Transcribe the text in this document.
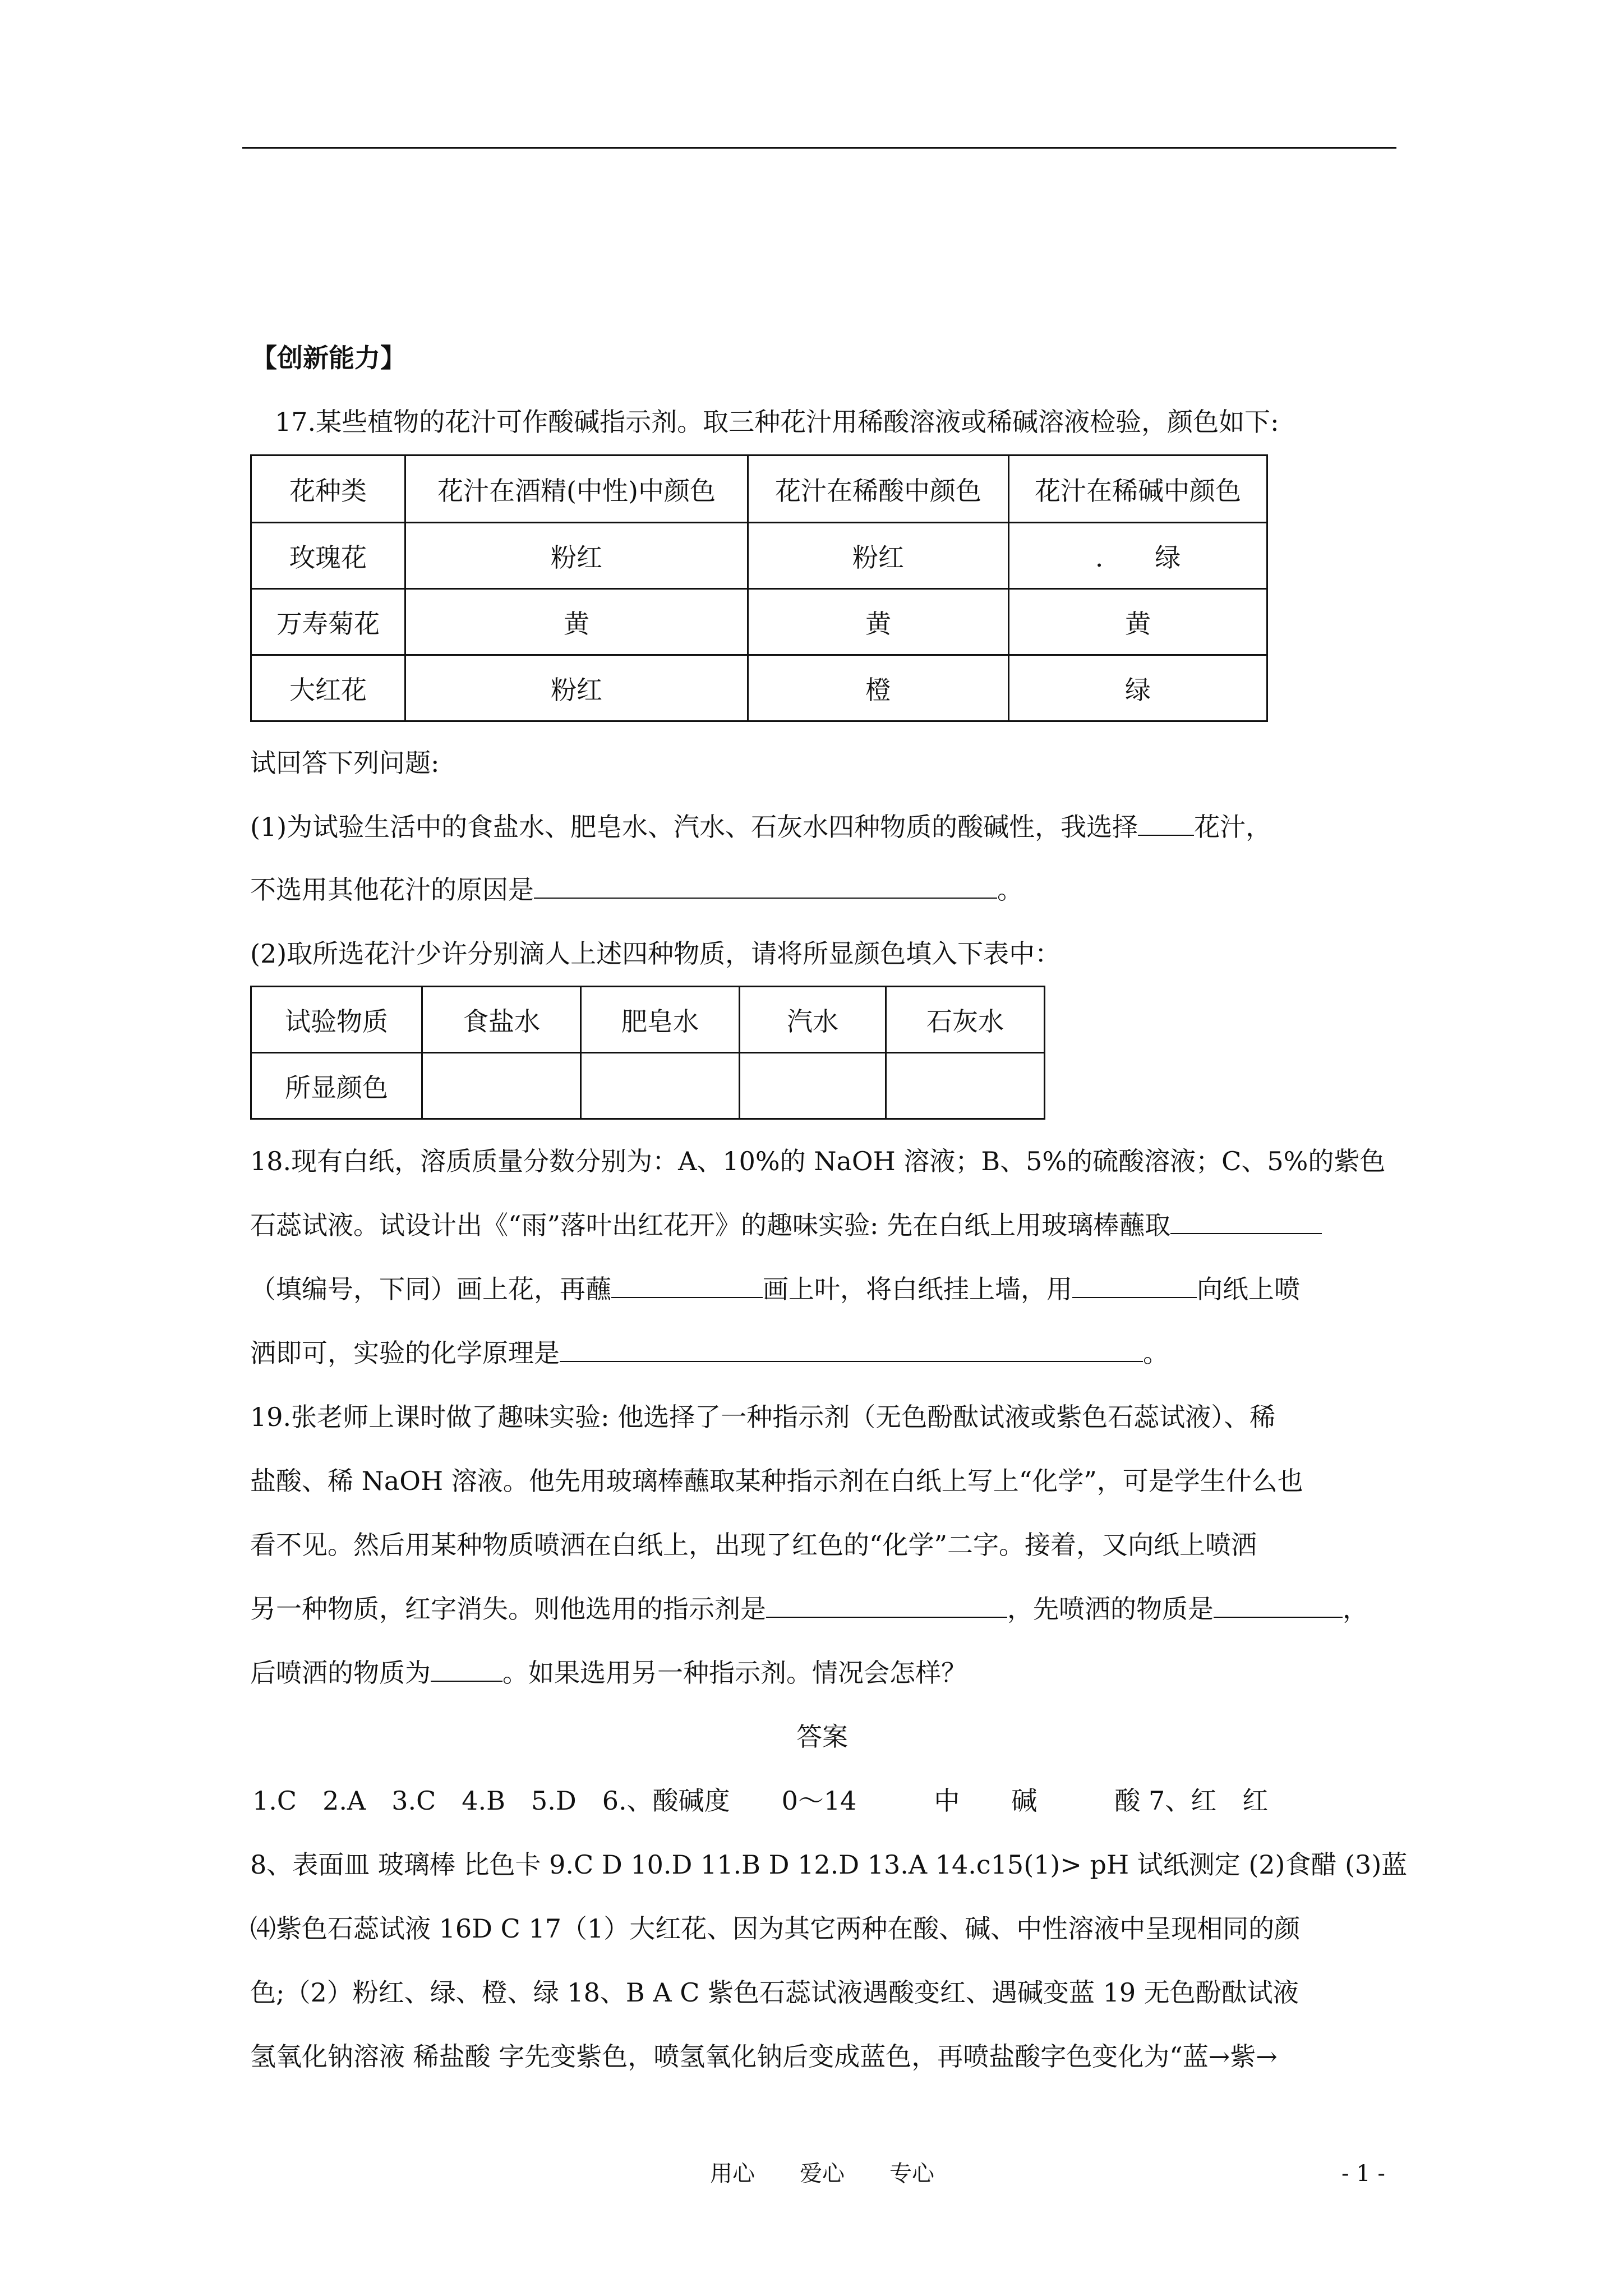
【创新能力】
17.某些植物的花汁可作酸碱指示剂。取三种花汁用稀酸溶液或稀碱溶液检验，颜色如下:
花种类	花汁在酒精(中性)中颜色	花汁在稀酸中颜色	花汁在稀碱中颜色
玫瑰花	粉红	粉红	.　　绿
万寿菊花	黄	黄	黄
大红花	粉红	橙	绿
试回答下列问题:
(1)为试验生活中的食盐水、肥皂水、汽水、石灰水四种物质的酸碱性，我选择 花汁，
不选用其他花汁的原因是	。
(2)取所选花汁少许分别滴人上述四种物质，请将所显颜色填入下表中：
试验物质	食盐水	肥皂水	汽水	石灰水
所显颜色				
18.现有白纸，溶质质量分数分别为：A、10%的 NaOH 溶液；B、5%的硫酸溶液；C、5%的紫色
石蕊试液。试设计出《“雨”落叶出红花开》的趣味实验: 先在白纸上用玻璃棒蘸取
（填编号，下同）画上花，再蘸	画上叶，将白纸挂上墙，用	向纸上喷
洒即可，实验的化学原理是	。
19.张老师上课时做了趣味实验: 他选择了一种指示剂（无色酚酞试液或紫色石蕊试液）、稀
盐酸、稀 NaOH 溶液。他先用玻璃棒蘸取某种指示剂在白纸上写上“化学”，可是学生什么也
看不见。然后用某种物质喷洒在白纸上，出现了红色的“化学”二字。接着，又向纸上喷洒
另一种物质，红字消失。则他选用的指示剂是	，先喷洒的物质是	，
后喷洒的物质为	。如果选用另一种指示剂。情况会怎样？
答案
1.C　2.A　3.C　4.B　5.D　6.、酸碱度　　0～14　　　中　　碱　　　酸 7、红　红
8、表面皿 玻璃棒 比色卡 9.C D 10.D 11.B D 12.D 13.A 14.c15(1)> pH 试纸测定 (2)食醋 (3)蓝
⑷紫色石蕊试液 16D C 17（1）大红花、因为其它两种在酸、碱、中性溶液中呈现相同的颜
色;（2）粉红、绿、橙、绿 18、B A C 紫色石蕊试液遇酸变红、遇碱变蓝 19 无色酚酞试液
氢氧化钠溶液 稀盐酸 字先变紫色，喷氢氧化钠后变成蓝色，再喷盐酸字色变化为“蓝→紫→
用心　　爱心　　专心	- 1 -
